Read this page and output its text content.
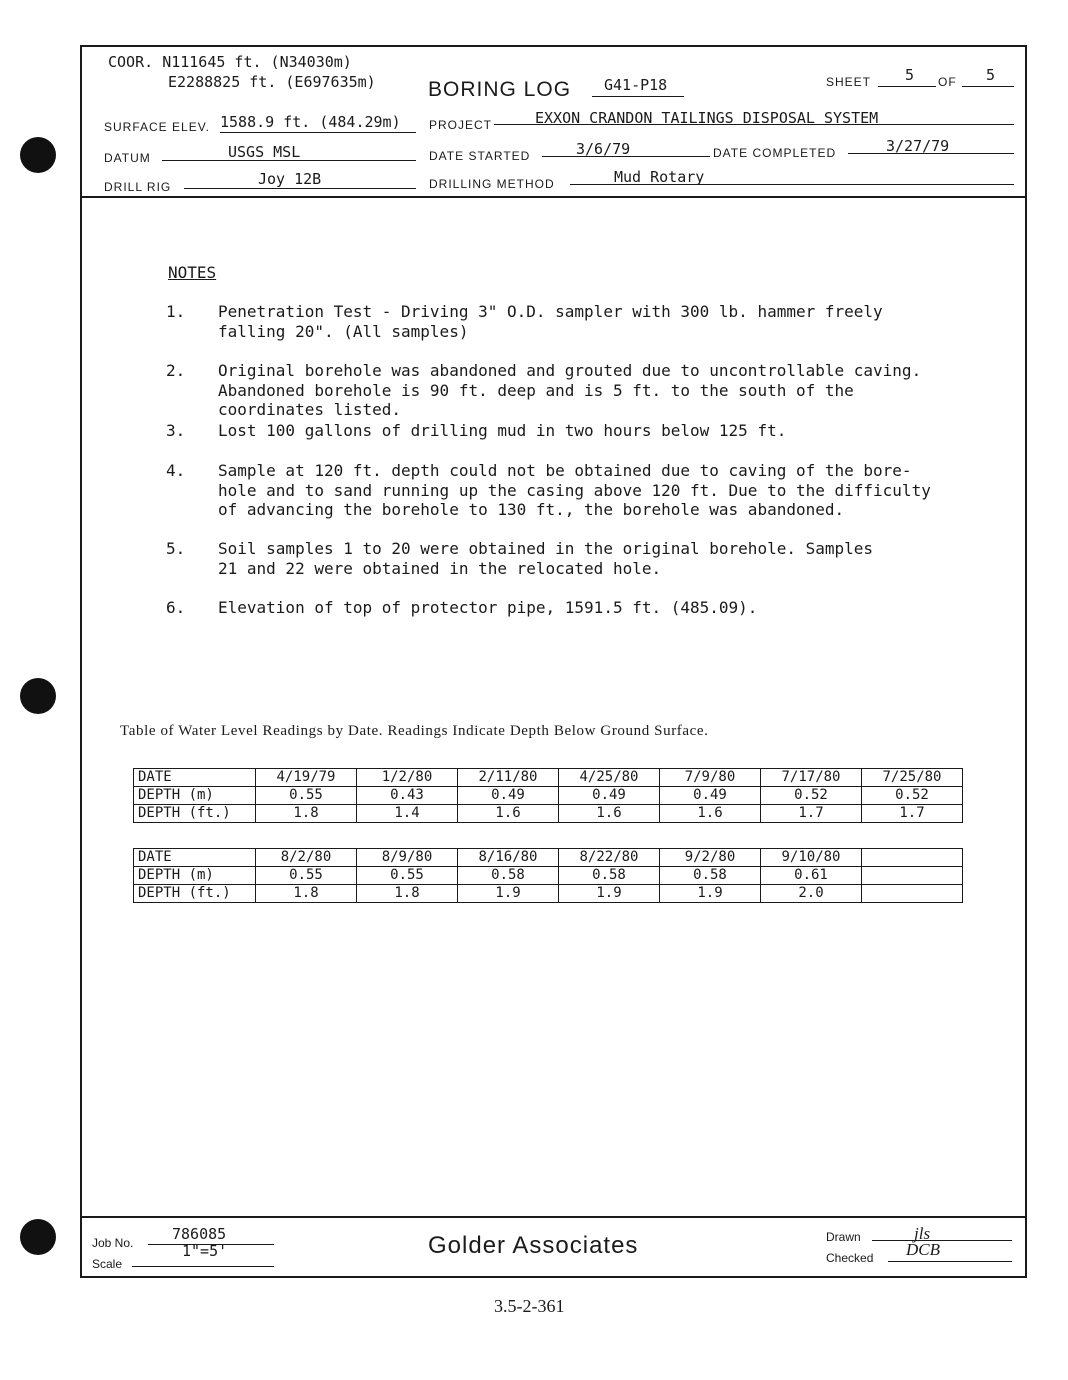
COOR. N111645 ft. (N34030m)
E2288825 ft. (E697635m) BORING LOG G41-P18	SHEET 5 OF 5
SURFACE ELEV. 1588.9 ft. (484.29m) PROJECT	EXXON CRANDON TAILINGS DISPOSAL SYSTEM
DATUM	USGS MSL	DATE STARTED	3/6/79	DATE COMPLETED	3/27/79
DRILL RIG	Joy 12B	DRILLING METHOD	Mud Rotary
NOTES
1. Penetration Test - Driving 3" O.D. sampler with 300 lb. hammer freely
falling 20". (All samples)
2. Original borehole was abandoned and grouted due to uncontrollable caving.
Abandoned borehole is 90 ft. deep and is 5 ft. to the south of the
coordinates listed.
3. Lost 100 gallons of drilling mud in two hours below 125 ft.
4. Sample at 120 ft. depth could not be obtained due to caving of the bore-
hole and to sand running up the casing above 120 ft. Due to the difficulty
of advancing the borehole to 130 ft., the borehole was abandoned.
5. Soil samples 1 to 20 were obtained in the original borehole. Samples
21 and 22 were obtained in the relocated hole.
6. Elevation of top of protector pipe, 1591.5 ft. (485.09).
Table of Water Level Readings by Date. Readings Indicate Depth Below Ground Surface.
DATE	4/19/79	1/2/80	2/11/80	4/25/80	7/9/80	7/17/80	7/25/80
DEPTH (m)	0.55	0.43	0.49	0.49	0.49	0.52	0.52
DEPTH (ft.)	1.8	1.4	1.6	1.6	1.6	1.7	1.7
DATE	8/2/80	8/9/80	8/16/80	8/22/80	9/2/80	9/10/80	
DEPTH (m)	0.55	0.55	0.58	0.58	0.58	0.61	
DEPTH (ft.)	1.8	1.8	1.9	1.9	1.9	2.0	
Job No.	786085
Scale
1"=5'	Golder Associates	Drawn	jls
Checked DCB
3.5-2-361
